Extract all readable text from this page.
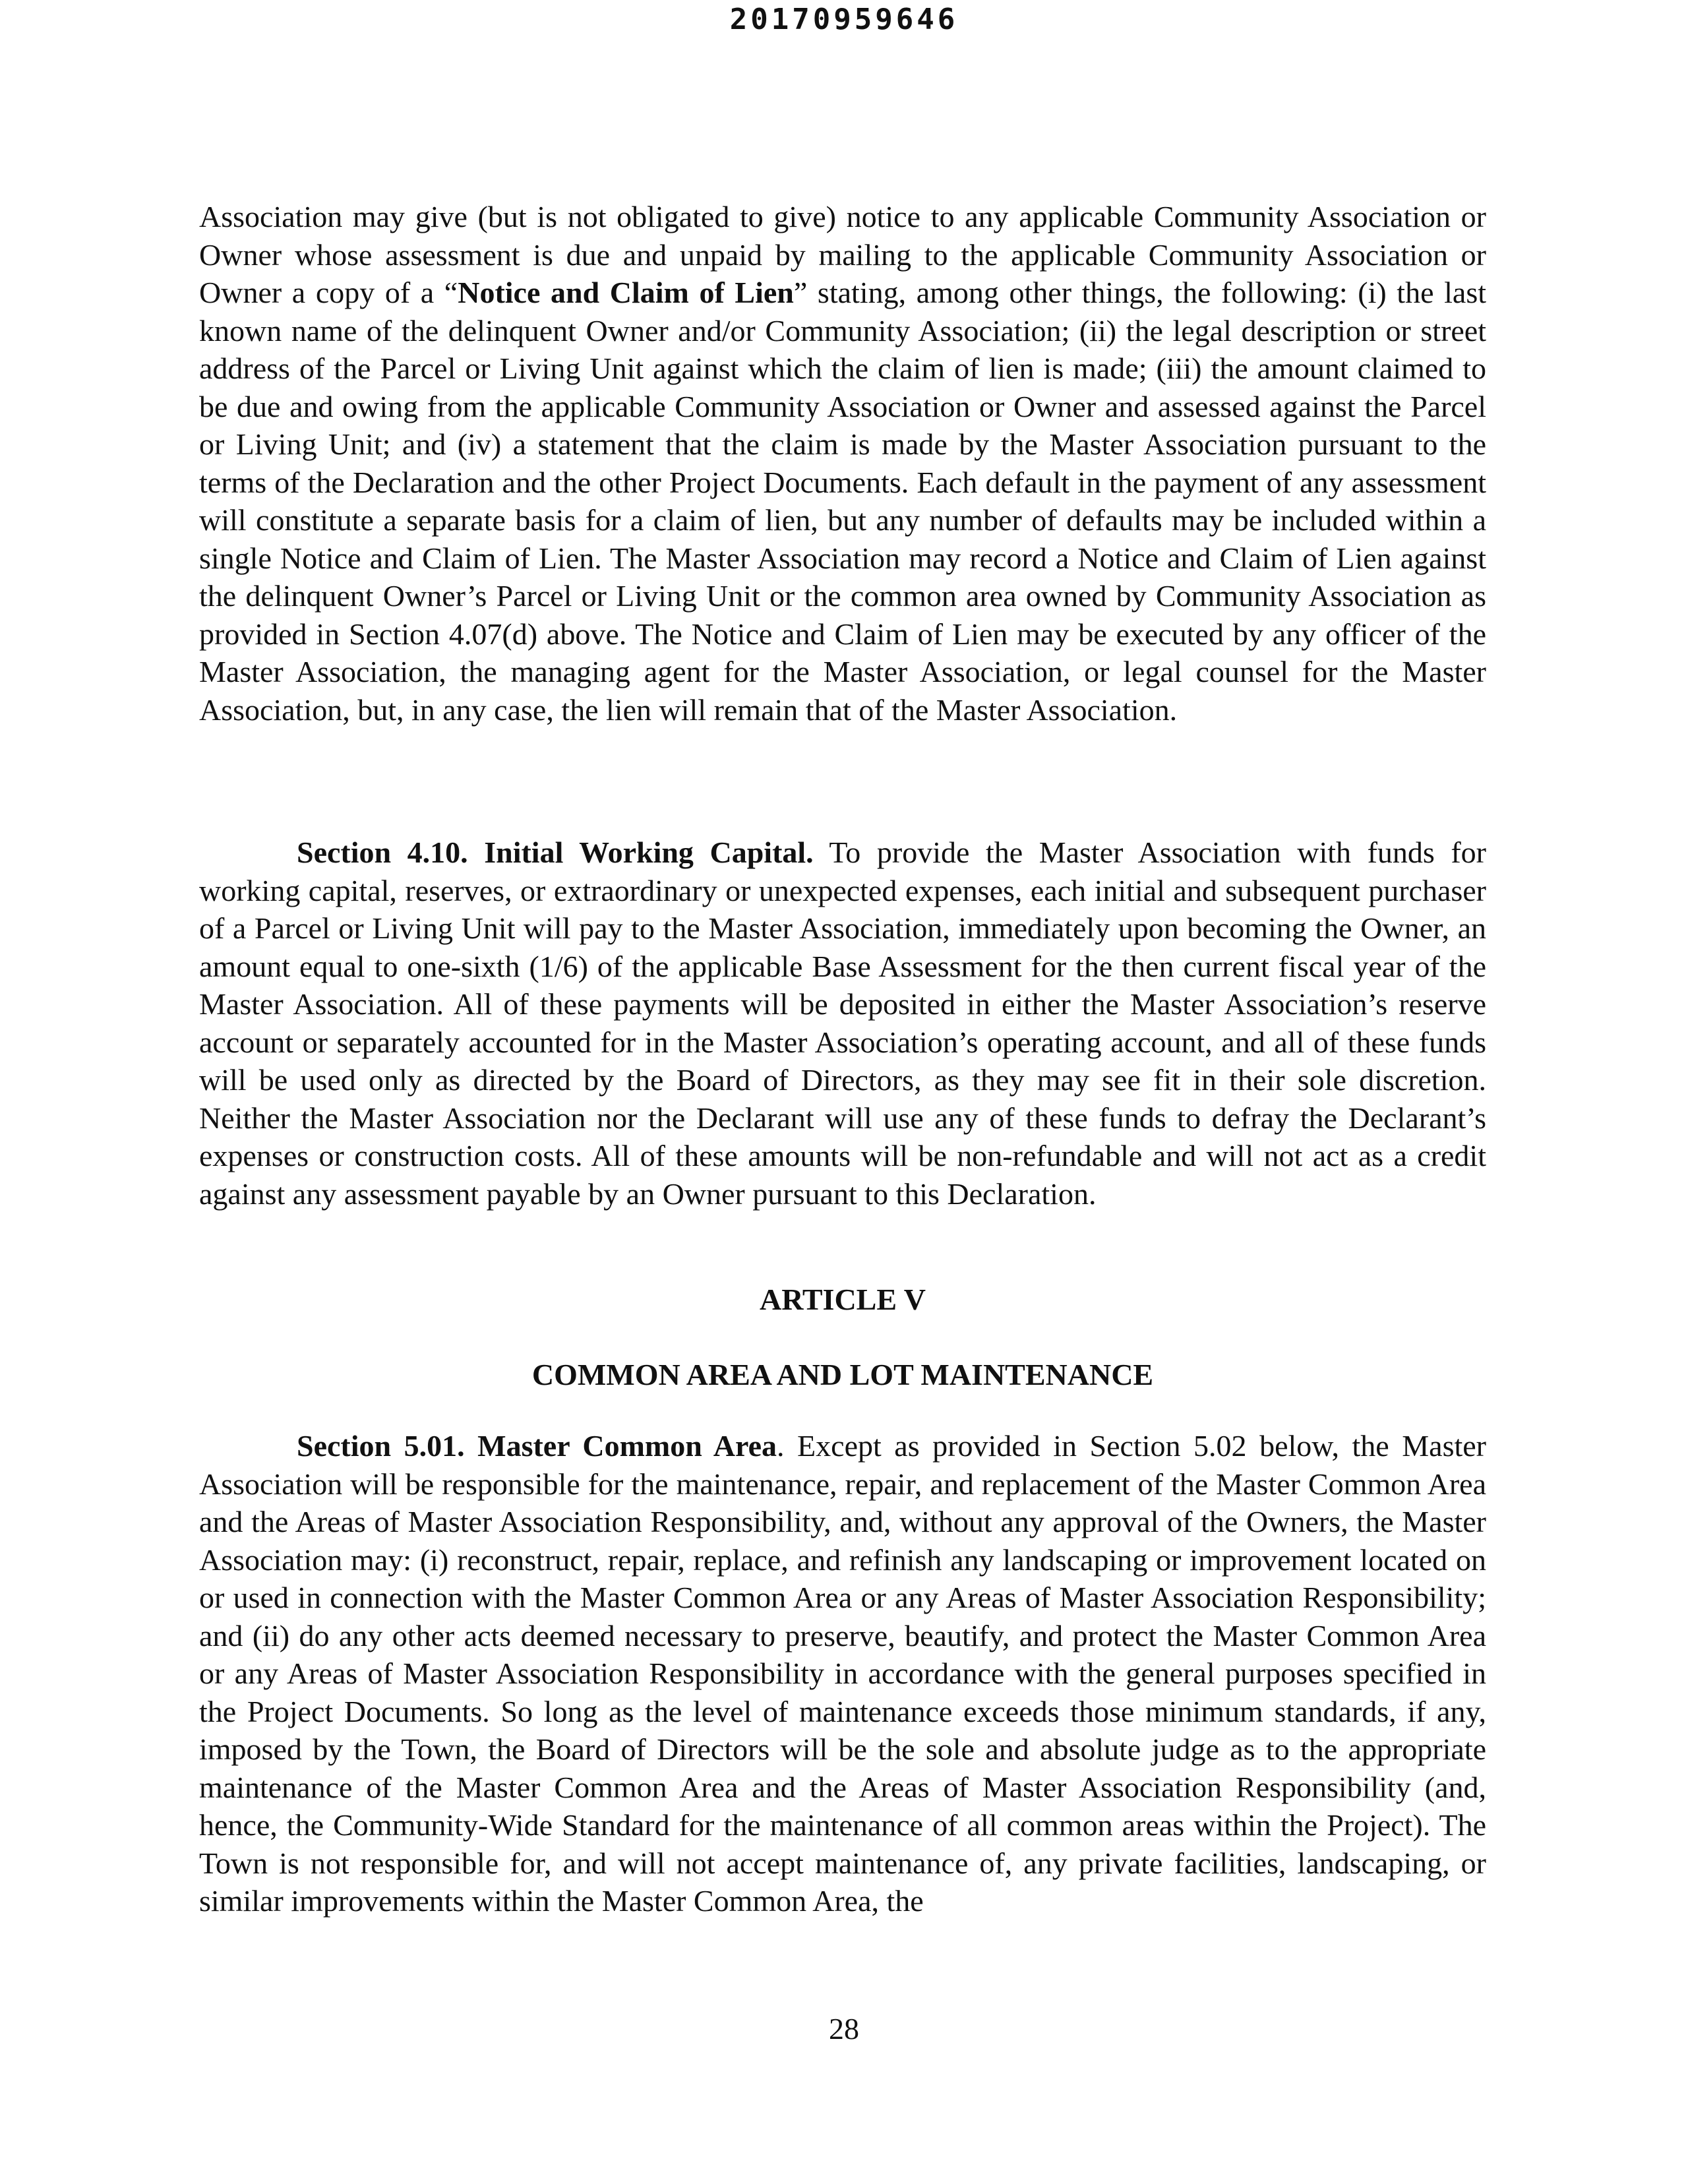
20170959646

Association may give (but is not obligated to give) notice to any applicable Community Association or Owner whose assessment is due and unpaid by mailing to the applicable Community Association or Owner a copy of a “Notice and Claim of Lien” stating, among other things, the following: (i) the last known name of the delinquent Owner and/or Community Association; (ii) the legal description or street address of the Parcel or Living Unit against which the claim of lien is made; (iii) the amount claimed to be due and owing from the applicable Community Association or Owner and assessed against the Parcel or Living Unit; and (iv) a statement that the claim is made by the Master Association pursuant to the terms of the Declaration and the other Project Documents. Each default in the payment of any assessment will constitute a separate basis for a claim of lien, but any number of defaults may be included within a single Notice and Claim of Lien. The Master Association may record a Notice and Claim of Lien against the delinquent Owner’s Parcel or Living Unit or the common area owned by Community Association as provided in Section 4.07(d) above. The Notice and Claim of Lien may be executed by any officer of the Master Association, the managing agent for the Master Association, or legal counsel for the Master Association, but, in any case, the lien will remain that of the Master Association.

Section 4.10. Initial Working Capital. To provide the Master Association with funds for working capital, reserves, or extraordinary or unexpected expenses, each initial and subsequent purchaser of a Parcel or Living Unit will pay to the Master Association, immediately upon becoming the Owner, an amount equal to one-sixth (1/6) of the applicable Base Assessment for the then current fiscal year of the Master Association. All of these payments will be deposited in either the Master Association’s reserve account or separately accounted for in the Master Association’s operating account, and all of these funds will be used only as directed by the Board of Directors, as they may see fit in their sole discretion. Neither the Master Association nor the Declarant will use any of these funds to defray the Declarant’s expenses or construction costs. All of these amounts will be non-refundable and will not act as a credit against any assessment payable by an Owner pursuant to this Declaration.

ARTICLE V
COMMON AREA AND LOT MAINTENANCE

Section 5.01. Master Common Area. Except as provided in Section 5.02 below, the Master Association will be responsible for the maintenance, repair, and replacement of the Master Common Area and the Areas of Master Association Responsibility, and, without any approval of the Owners, the Master Association may: (i) reconstruct, repair, replace, and refinish any landscaping or improvement located on or used in connection with the Master Common Area or any Areas of Master Association Responsibility; and (ii) do any other acts deemed necessary to preserve, beautify, and protect the Master Common Area or any Areas of Master Association Responsibility in accordance with the general purposes specified in the Project Documents. So long as the level of maintenance exceeds those minimum standards, if any, imposed by the Town, the Board of Directors will be the sole and absolute judge as to the appropriate maintenance of the Master Common Area and the Areas of Master Association Responsibility (and, hence, the Community-Wide Standard for the maintenance of all common areas within the Project). The Town is not responsible for, and will not accept maintenance of, any private facilities, landscaping, or similar improvements within the Master Common Area, the

28
